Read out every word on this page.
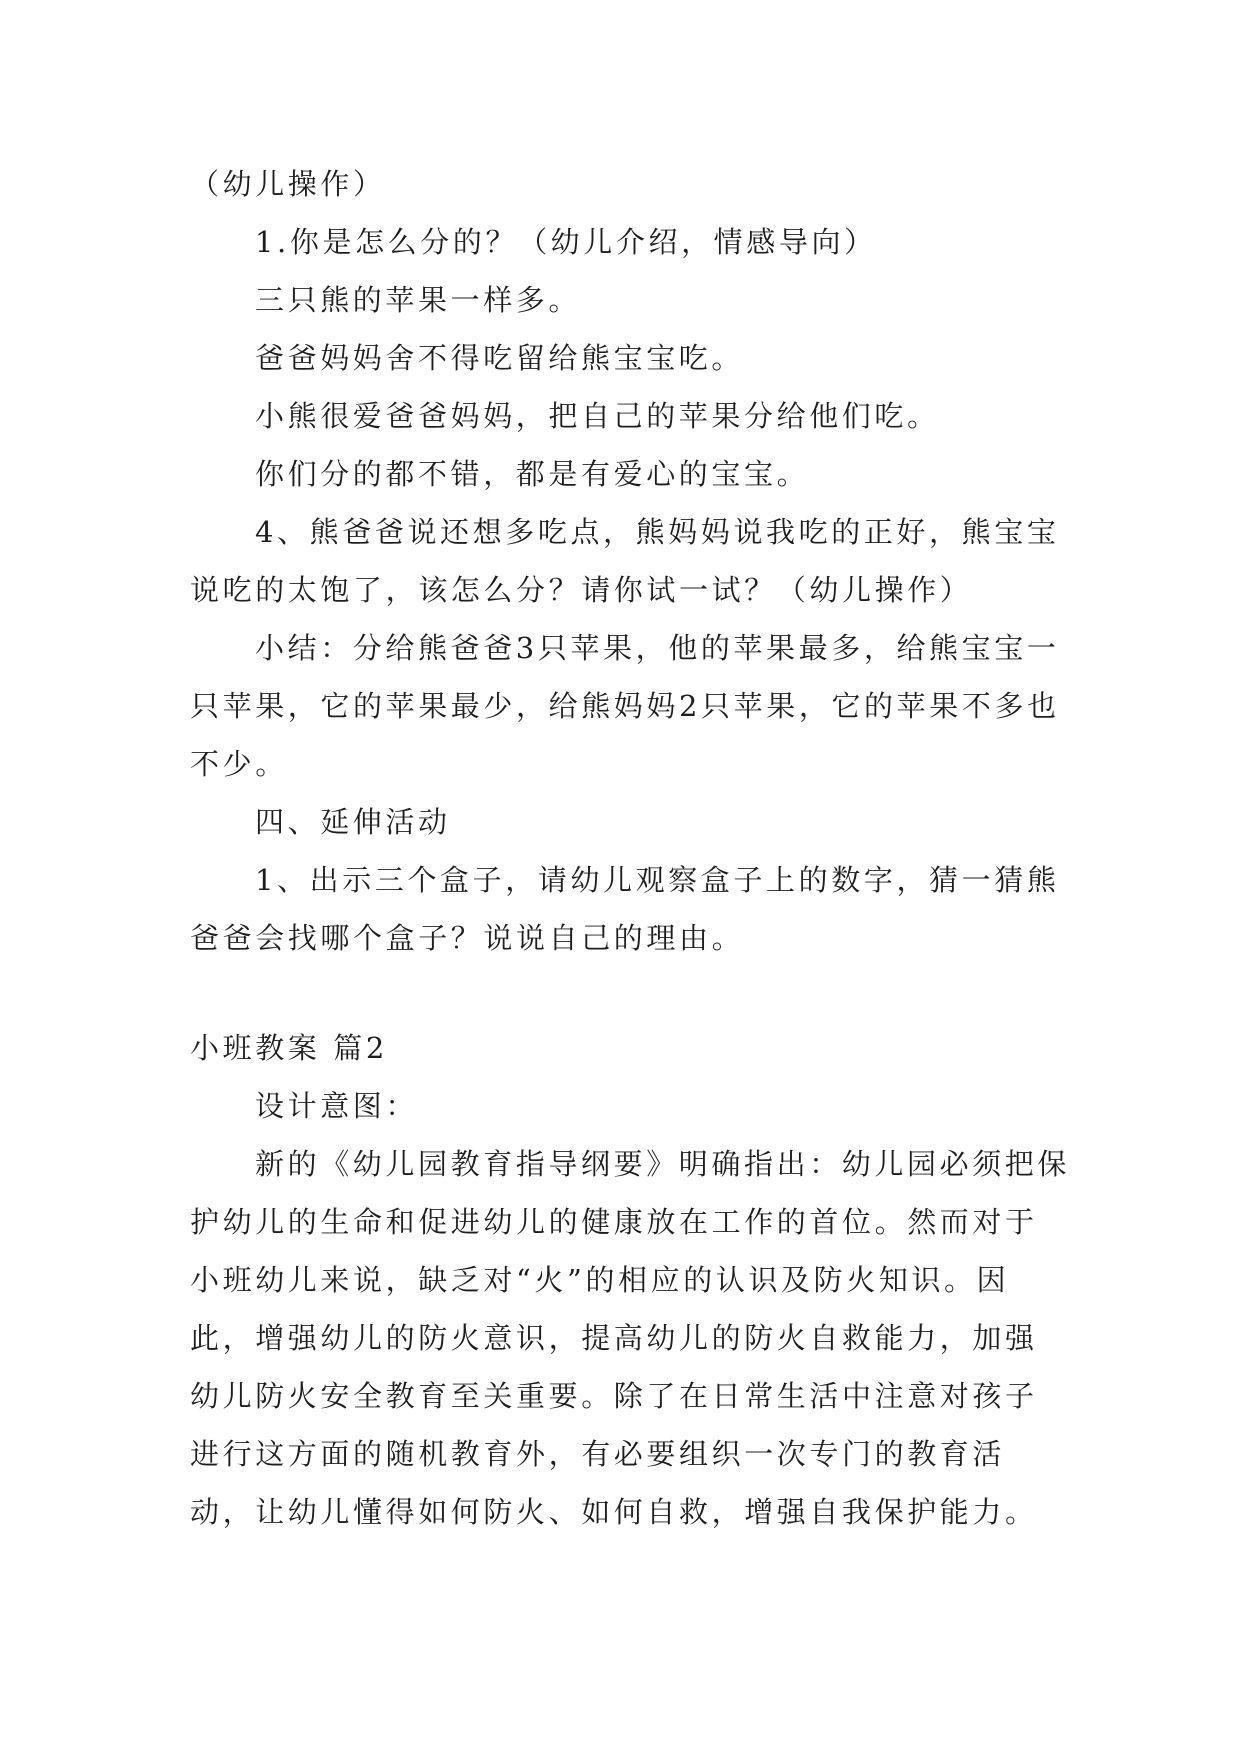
（幼儿操作）

1.你是怎么分的？（幼儿介绍，情感导向）

三只熊的苹果一样多。

爸爸妈妈舍不得吃留给熊宝宝吃。

小熊很爱爸爸妈妈，把自己的苹果分给他们吃。

你们分的都不错，都是有爱心的宝宝。

4、熊爸爸说还想多吃点，熊妈妈说我吃的正好，熊宝宝说吃的太饱了，该怎么分？请你试一试？（幼儿操作）

小结：分给熊爸爸3只苹果，他的苹果最多，给熊宝宝一只苹果，它的苹果最少，给熊妈妈2只苹果，它的苹果不多也不少。

四、延伸活动

1、出示三个盒子，请幼儿观察盒子上的数字，猜一猜熊爸爸会找哪个盒子？说说自己的理由。

小班教案 篇2

设计意图：

新的《幼儿园教育指导纲要》明确指出：幼儿园必须把保护幼儿的生命和促进幼儿的健康放在工作的首位。然而对于小班幼儿来说，缺乏对“火”的相应的认识及防火知识。因此，增强幼儿的防火意识，提高幼儿的防火自救能力，加强幼儿防火安全教育至关重要。除了在日常生活中注意对孩子进行这方面的随机教育外，有必要组织一次专门的教育活动，让幼儿懂得如何防火、如何自救，增强自我保护能力。
